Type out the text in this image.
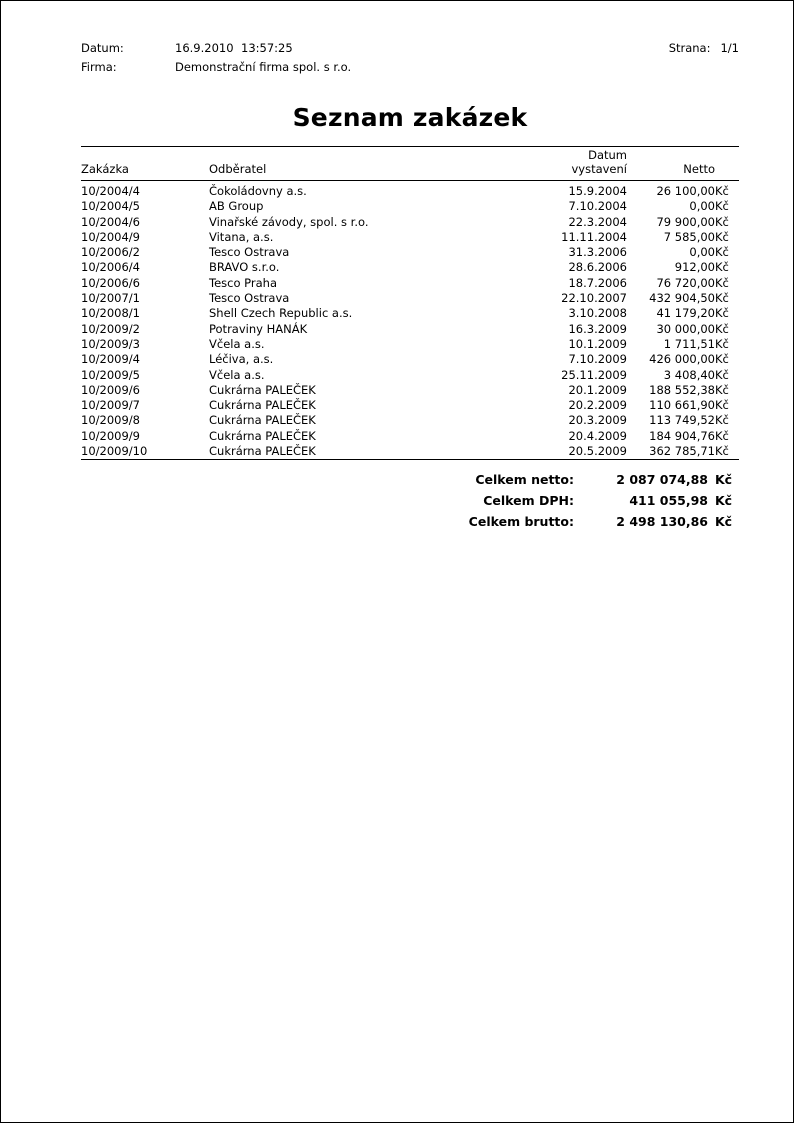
Datum:	16.9.2010 13:57:25	Strana: 1/1
Firma:	Demonstrační firma spol. s r.o.
Seznam zakázek

Zakázka	Odběratel	Datum vystavení	Netto	
10/2004/4	Čokoládovny a.s.	15.9.2004	26 100,00	Kč
10/2004/5	AB Group	7.10.2004	0,00	Kč
10/2004/6	Vinařské závody, spol. s r.o.	22.3.2004	79 900,00	Kč
10/2004/9	Vitana, a.s.	11.11.2004	7 585,00	Kč
10/2006/2	Tesco Ostrava	31.3.2006	0,00	Kč
10/2006/4	BRAVO s.r.o.	28.6.2006	912,00	Kč
10/2006/6	Tesco Praha	18.7.2006	76 720,00	Kč
10/2007/1	Tesco Ostrava	22.10.2007	432 904,50	Kč
10/2008/1	Shell Czech Republic a.s.	3.10.2008	41 179,20	Kč
10/2009/2	Potraviny HANÁK	16.3.2009	30 000,00	Kč
10/2009/3	Včela a.s.	10.1.2009	1 711,51	Kč
10/2009/4	Léčiva, a.s.	7.10.2009	426 000,00	Kč
10/2009/5	Včela a.s.	25.11.2009	3 408,40	Kč
10/2009/6	Cukrárna PALEČEK	20.1.2009	188 552,38	Kč
10/2009/7	Cukrárna PALEČEK	20.2.2009	110 661,90	Kč
10/2009/8	Cukrárna PALEČEK	20.3.2009	113 749,52	Kč
10/2009/9	Cukrárna PALEČEK	20.4.2009	184 904,76	Kč
10/2009/10	Cukrárna PALEČEK	20.5.2009	362 785,71	Kč
Celkem netto:	2 087 074,88	Kč
Celkem DPH:	411 055,98	Kč
Celkem brutto:	2 498 130,86	Kč
